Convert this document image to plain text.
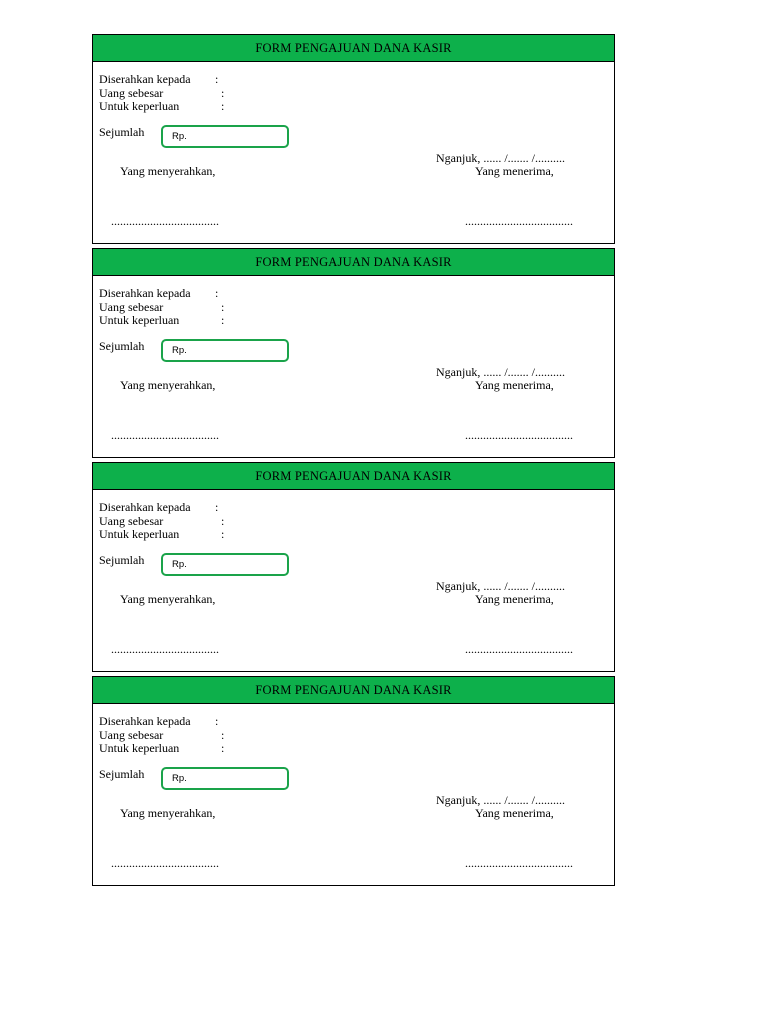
FORM PENGAJUAN DANA KASIR
Diserahkan kepada :
Uang sebesar	:
Untuk keperluan	:
Sejumlah	Rp.
Nganjuk, ...... /....... /..........
Yang menyerahkan,	Yang menerima,
....................................	....................................
FORM PENGAJUAN DANA KASIR
Diserahkan kepada :
Uang sebesar	:
Untuk keperluan	:
Sejumlah	Rp.
Nganjuk, ...... /....... /..........
Yang menyerahkan,	Yang menerima,
....................................	....................................
FORM PENGAJUAN DANA KASIR
Diserahkan kepada :
Uang sebesar	:
Untuk keperluan	:
Sejumlah	Rp.
Nganjuk, ...... /....... /..........
Yang menyerahkan,	Yang menerima,
....................................	....................................
FORM PENGAJUAN DANA KASIR
Diserahkan kepada :
Uang sebesar	:
Untuk keperluan	:
Sejumlah	Rp.
Nganjuk, ...... /....... /..........
Yang menyerahkan,	Yang menerima,
....................................	....................................
